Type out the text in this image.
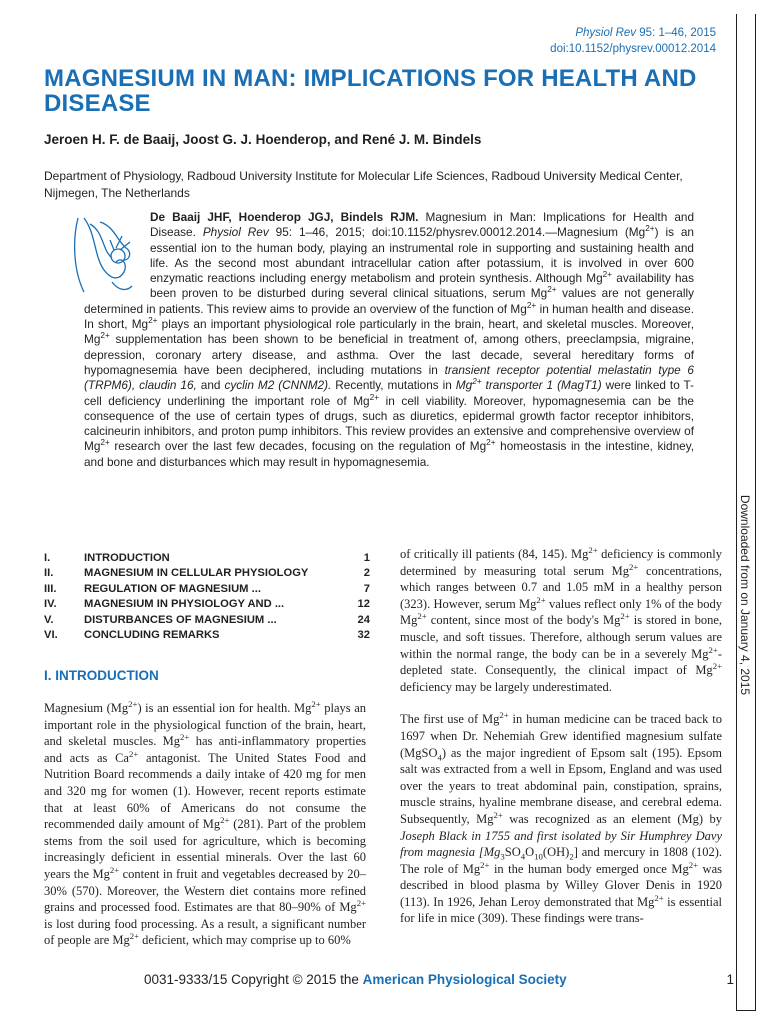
Physiol Rev 95: 1–46, 2015
doi:10.1152/physrev.00012.2014
MAGNESIUM IN MAN: IMPLICATIONS FOR HEALTH AND DISEASE
Jeroen H. F. de Baaij, Joost G. J. Hoenderop, and René J. M. Bindels
Department of Physiology, Radboud University Institute for Molecular Life Sciences, Radboud University Medical Center, Nijmegen, The Netherlands
De Baaij JHF, Hoenderop JGJ, Bindels RJM. Magnesium in Man: Implications for Health and Disease. Physiol Rev 95: 1–46, 2015; doi:10.1152/physrev.00012.2014.—Magnesium $(Mg^{2+})$ is an essential ion to the human body, playing an instrumental role in supporting and sustaining health and life. As the second most abundant intracellular cation after potassium, it is involved in over 600 enzymatic reactions including energy metabolism and protein synthesis. Although $Mg^{2+}$ availability has been proven to be disturbed during several clinical situations, serum $Mg^{2+}$ values are not generally determined in patients. This review aims to provide an overview of the function of $Mg^{2+}$ in human health and disease. In short, $Mg^{2+}$ plays an important physiological role particularly in the brain, heart, and skeletal muscles. Moreover, $Mg^{2+}$ supplementation has been shown to be beneficial in treatment of, among others, preeclampsia, migraine, depression, coronary artery disease, and asthma. Over the last decade, several hereditary forms of hypomagnesemia have been deciphered, including mutations in transient receptor potential melastatin type 6 (TRPM6), claudin 16, and cyclin M2 (CNNM2). Recently, mutations in $Mg^{2+}$ transporter 1 (MagT1) were linked to T-cell deficiency underlining the important role of $Mg^{2+}$ in cell viability. Moreover, hypomagnesemia can be the consequence of the use of certain types of drugs, such as diuretics, epidermal growth factor receptor inhibitors, calcineurin inhibitors, and proton pump inhibitors. This review provides an extensive and comprehensive overview of $Mg^{2+}$ research over the last few decades, focusing on the regulation of $Mg^{2+}$ homeostasis in the intestine, kidney, and bone and disturbances which may result in hypomagnesemia.
I.	INTRODUCTION	1
II.	MAGNESIUM IN CELLULAR PHYSIOLOGY	2
III.	REGULATION OF MAGNESIUM ...	7
IV.	MAGNESIUM IN PHYSIOLOGY AND ...	12
V.	DISTURBANCES OF MAGNESIUM ...	24
VI.	CONCLUDING REMARKS	32
I. INTRODUCTION
Magnesium $(Mg^{2+})$ is an essential ion for health. $Mg^{2+}$ plays an important role in the physiological function of the brain, heart, and skeletal muscles. $Mg^{2+}$ has anti-inflammatory properties and acts as $Ca^{2+}$ antagonist. The United States Food and Nutrition Board recommends a daily intake of 420 mg for men and 320 mg for women (1). However, recent reports estimate that at least 60% of Americans do not consume the recommended daily amount of $Mg^{2+}$ (281). Part of the problem stems from the soil used for agriculture, which is becoming increasingly deficient in essential minerals. Over the last 60 years the $Mg^{2+}$ content in fruit and vegetables decreased by 20–30% (570). Moreover, the Western diet contains more refined grains and processed food. Estimates are that 80–90% of $Mg^{2+}$ is lost during food processing. As a result, a significant number of people are $Mg^{2+}$ deficient, which may comprise up to 60%

of critically ill patients (84, 145). $Mg^{2+}$ deficiency is commonly determined by measuring total serum $Mg^{2+}$ concentrations, which ranges between 0.7 and 1.05 mM in a healthy person (323). However, serum $Mg^{2+}$ values reflect only 1% of the body $Mg^{2+}$ content, since most of the body's $Mg^{2+}$ is stored in bone, muscle, and soft tissues. Therefore, although serum values are within the normal range, the body can be in a severely $Mg^{2+}$-depleted state. Consequently, the clinical impact of $Mg^{2+}$ deficiency may be largely underestimated.

The first use of $Mg^{2+}$ in human medicine can be traced back to 1697 when Dr. Nehemiah Grew identified magnesium sulfate (MgSO$_4$) as the major ingredient of Epsom salt (195). Epsom salt was extracted from a well in Epsom, England and was used over the years to treat abdominal pain, constipation, sprains, muscle strains, hyaline membrane disease, and cerebral edema. Subsequently, $Mg^{2+}$ was recognized as an element (Mg) by Joseph Black in 1755 and first isolated by Sir Humphrey Davy from magnesia $[Mg_3SO_4O_{10}(OH)_2]$ and mercury in 1808 (102). The role of $Mg^{2+}$ in the human body emerged once $Mg^{2+}$ was described in blood plasma by Willey Glover Denis in 1920 (113). In 1926, Jehan Leroy demonstrated that $Mg^{2+}$ is essential for life in mice (309). These findings were trans-

0031-9333/15 Copyright © 2015 the American Physiological Society	1
Downloaded from on January 4, 2015
